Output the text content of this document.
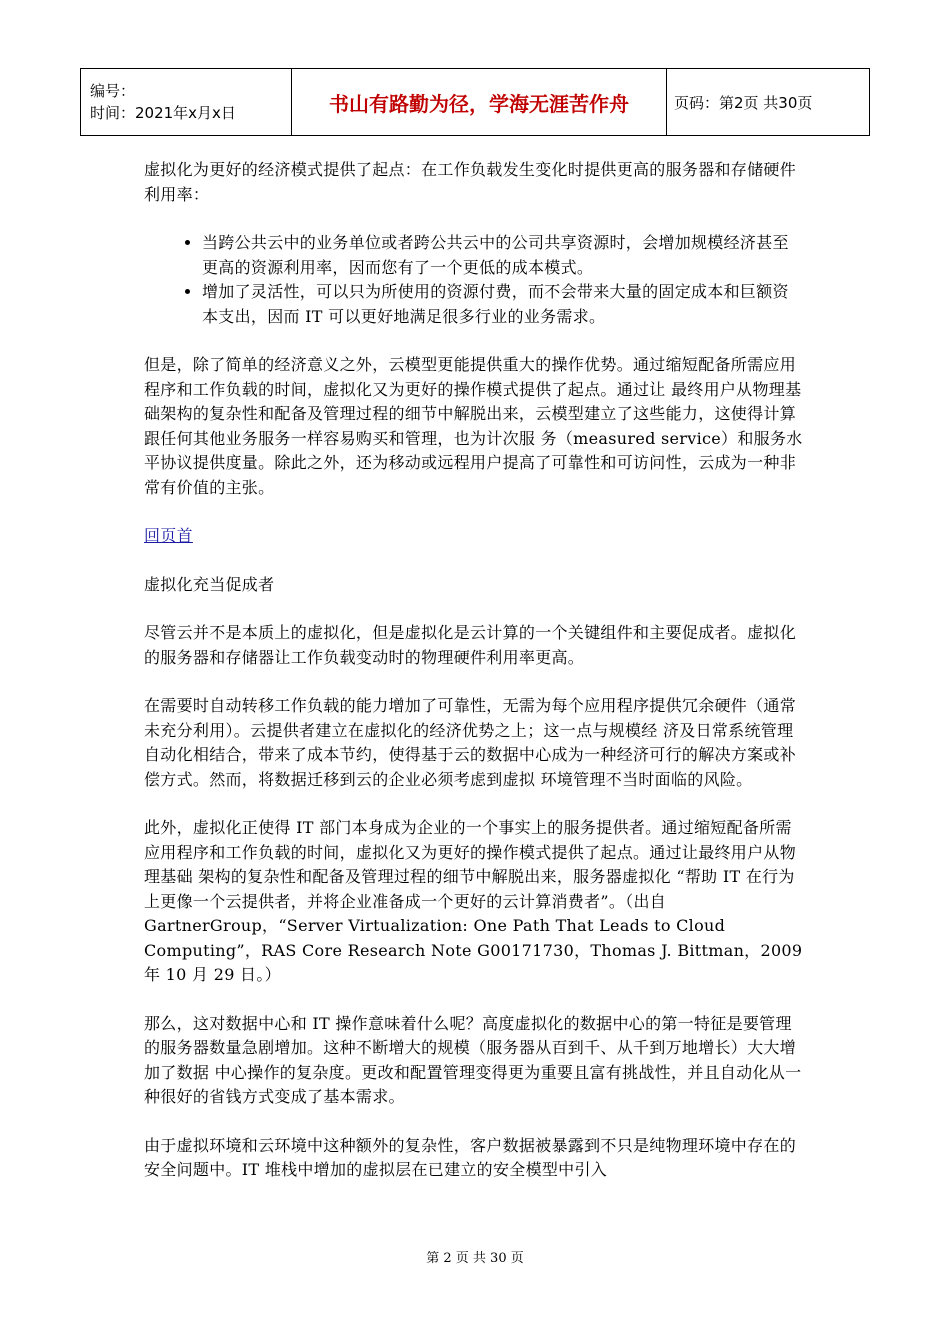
编号：
时间：2021年x月x日	书山有路勤为径，学海无涯苦作舟	页码：第2页 共30页

虚拟化为更好的经济模式提供了起点：在工作负载发生变化时提供更高的服务器和存储硬件利用率：

• 当跨公共云中的业务单位或者跨公共云中的公司共享资源时，会增加规模经济甚至更高的资源利用率，因而您有了一个更低的成本模式。
• 增加了灵活性，可以只为所使用的资源付费，而不会带来大量的固定成本和巨额资本支出，因而 IT 可以更好地满足很多行业的业务需求。

但是，除了简单的经济意义之外，云模型更能提供重大的操作优势。通过缩短配备所需应用程序和工作负载的时间，虚拟化又为更好的操作模式提供了起点。通过让 最终用户从物理基础架构的复杂性和配备及管理过程的细节中解脱出来，云模型建立了这些能力，这使得计算跟任何其他业务服务一样容易购买和管理，也为计次服 务（measured service）和服务水平协议提供度量。除此之外，还为移动或远程用户提高了可靠性和可访问性，云成为一种非常有价值的主张。

回页首

虚拟化充当促成者

尽管云并不是本质上的虚拟化，但是虚拟化是云计算的一个关键组件和主要促成者。虚拟化的服务器和存储器让工作负载变动时的物理硬件利用率更高。

在需要时自动转移工作负载的能力增加了可靠性，无需为每个应用程序提供冗余硬件（通常未充分利用）。云提供者建立在虚拟化的经济优势之上；这一点与规模经 济及日常系统管理自动化相结合，带来了成本节约，使得基于云的数据中心成为一种经济可行的解决方案或补偿方式。然而，将数据迁移到云的企业必须考虑到虚拟 环境管理不当时面临的风险。

此外，虚拟化正使得 IT 部门本身成为企业的一个事实上的服务提供者。通过缩短配备所需应用程序和工作负载的时间，虚拟化又为更好的操作模式提供了起点。通过让最终用户从物理基础 架构的复杂性和配备及管理过程的细节中解脱出来，服务器虚拟化 “帮助 IT 在行为上更像一个云提供者，并将企业准备成一个更好的云计算消费者”。（出自 GartnerGroup，“Server Virtualization: One Path That Leads to Cloud Computing”，RAS Core Research Note G00171730，Thomas J. Bittman，2009 年 10 月 29 日。）

那么，这对数据中心和 IT 操作意味着什么呢？高度虚拟化的数据中心的第一特征是要管理的服务器数量急剧增加。这种不断增大的规模（服务器从百到千、从千到万地增长）大大增加了数据 中心操作的复杂度。更改和配置管理变得更为重要且富有挑战性，并且自动化从一种很好的省钱方式变成了基本需求。

由于虚拟环境和云环境中这种额外的复杂性，客户数据被暴露到不只是纯物理环境中存在的安全问题中。IT 堆栈中增加的虚拟层在已建立的安全模型中引入

第 2 页 共 30 页
